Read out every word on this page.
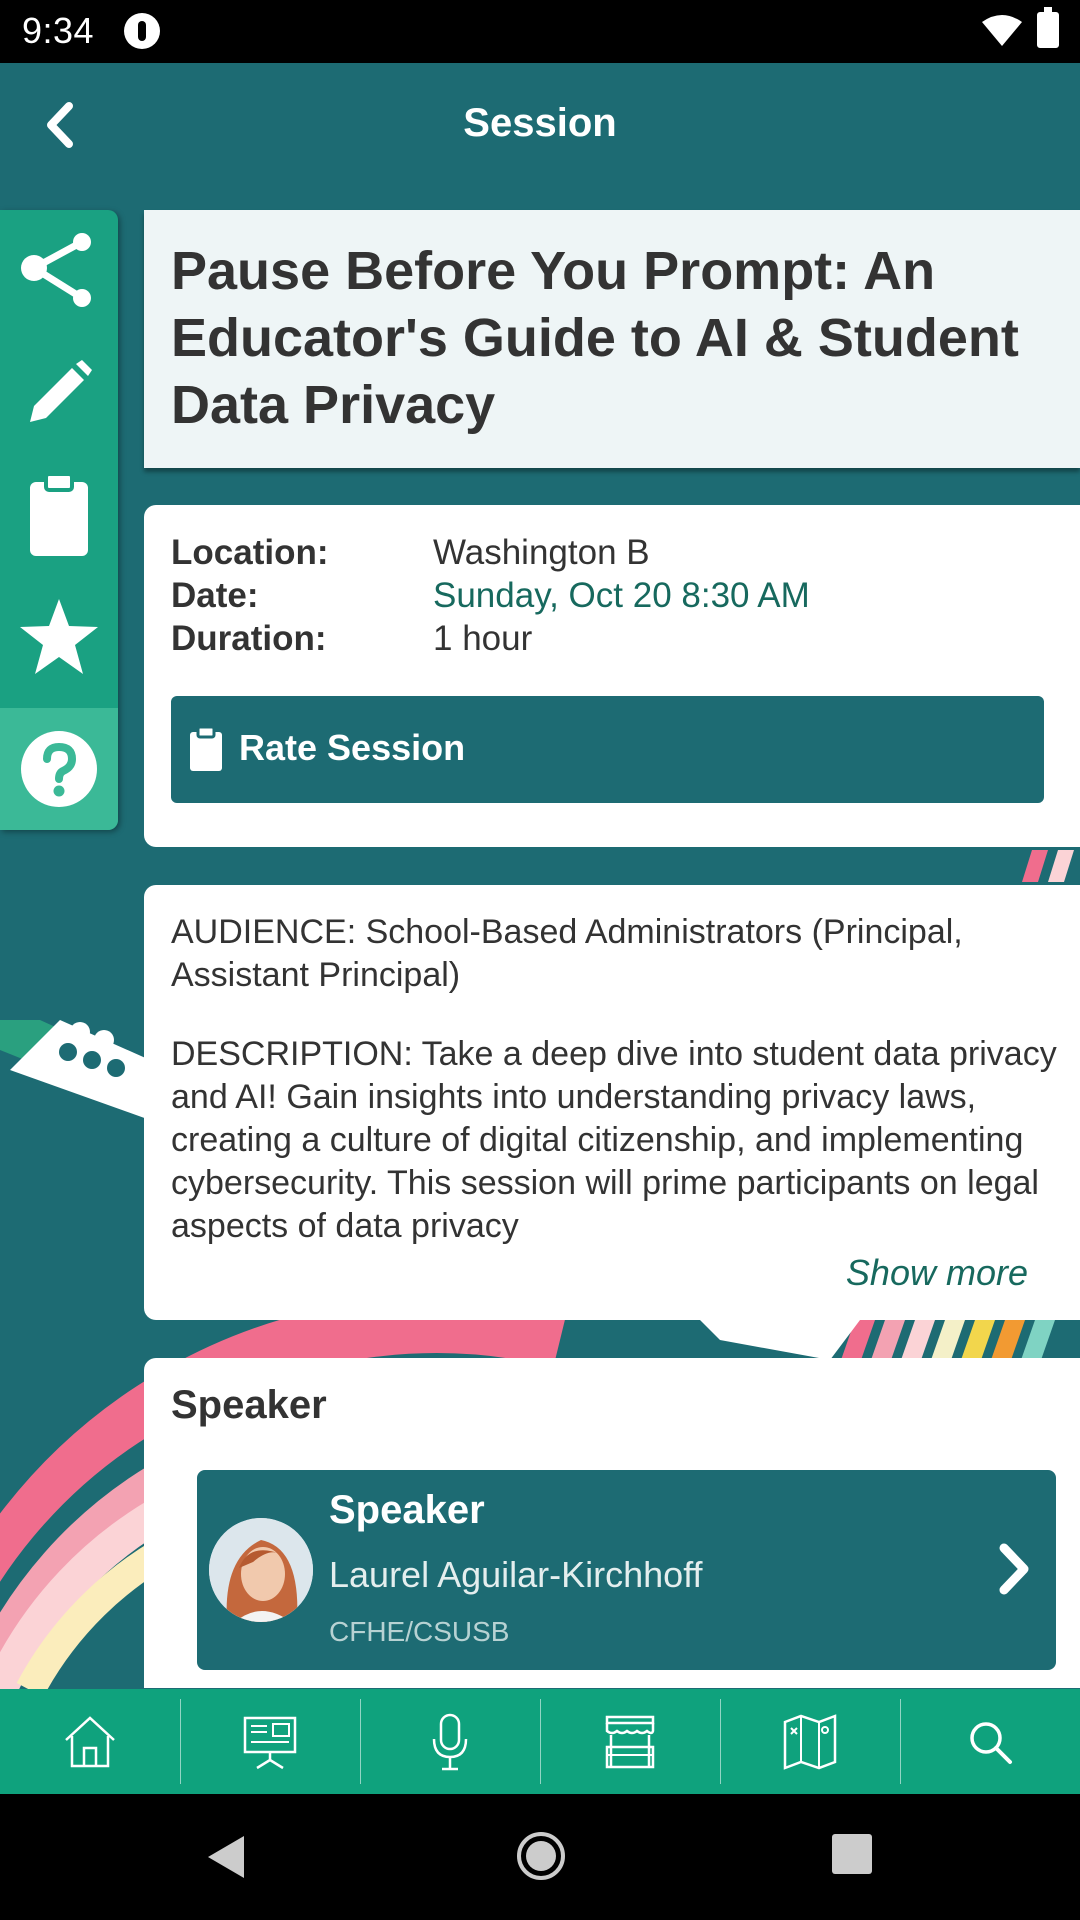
9:34
Session
Pause Before You Prompt: An Educator's Guide to AI & Student Data Privacy
Location:	Washington B
Date:	Sunday, Oct 20 8:30 AM
Duration:	1 hour
Rate Session

AUDIENCE: School-Based Administrators (Principal, Assistant Principal)

DESCRIPTION: Take a deep dive into student data privacy and AI! Gain insights into understanding privacy laws, creating a culture of digital citizenship, and implementing cybersecurity. This session will prime participants on legal aspects of data privacy

Show more
Speaker
Speaker
Laurel Aguilar-Kirchhoff
CFHE/CSUSB
